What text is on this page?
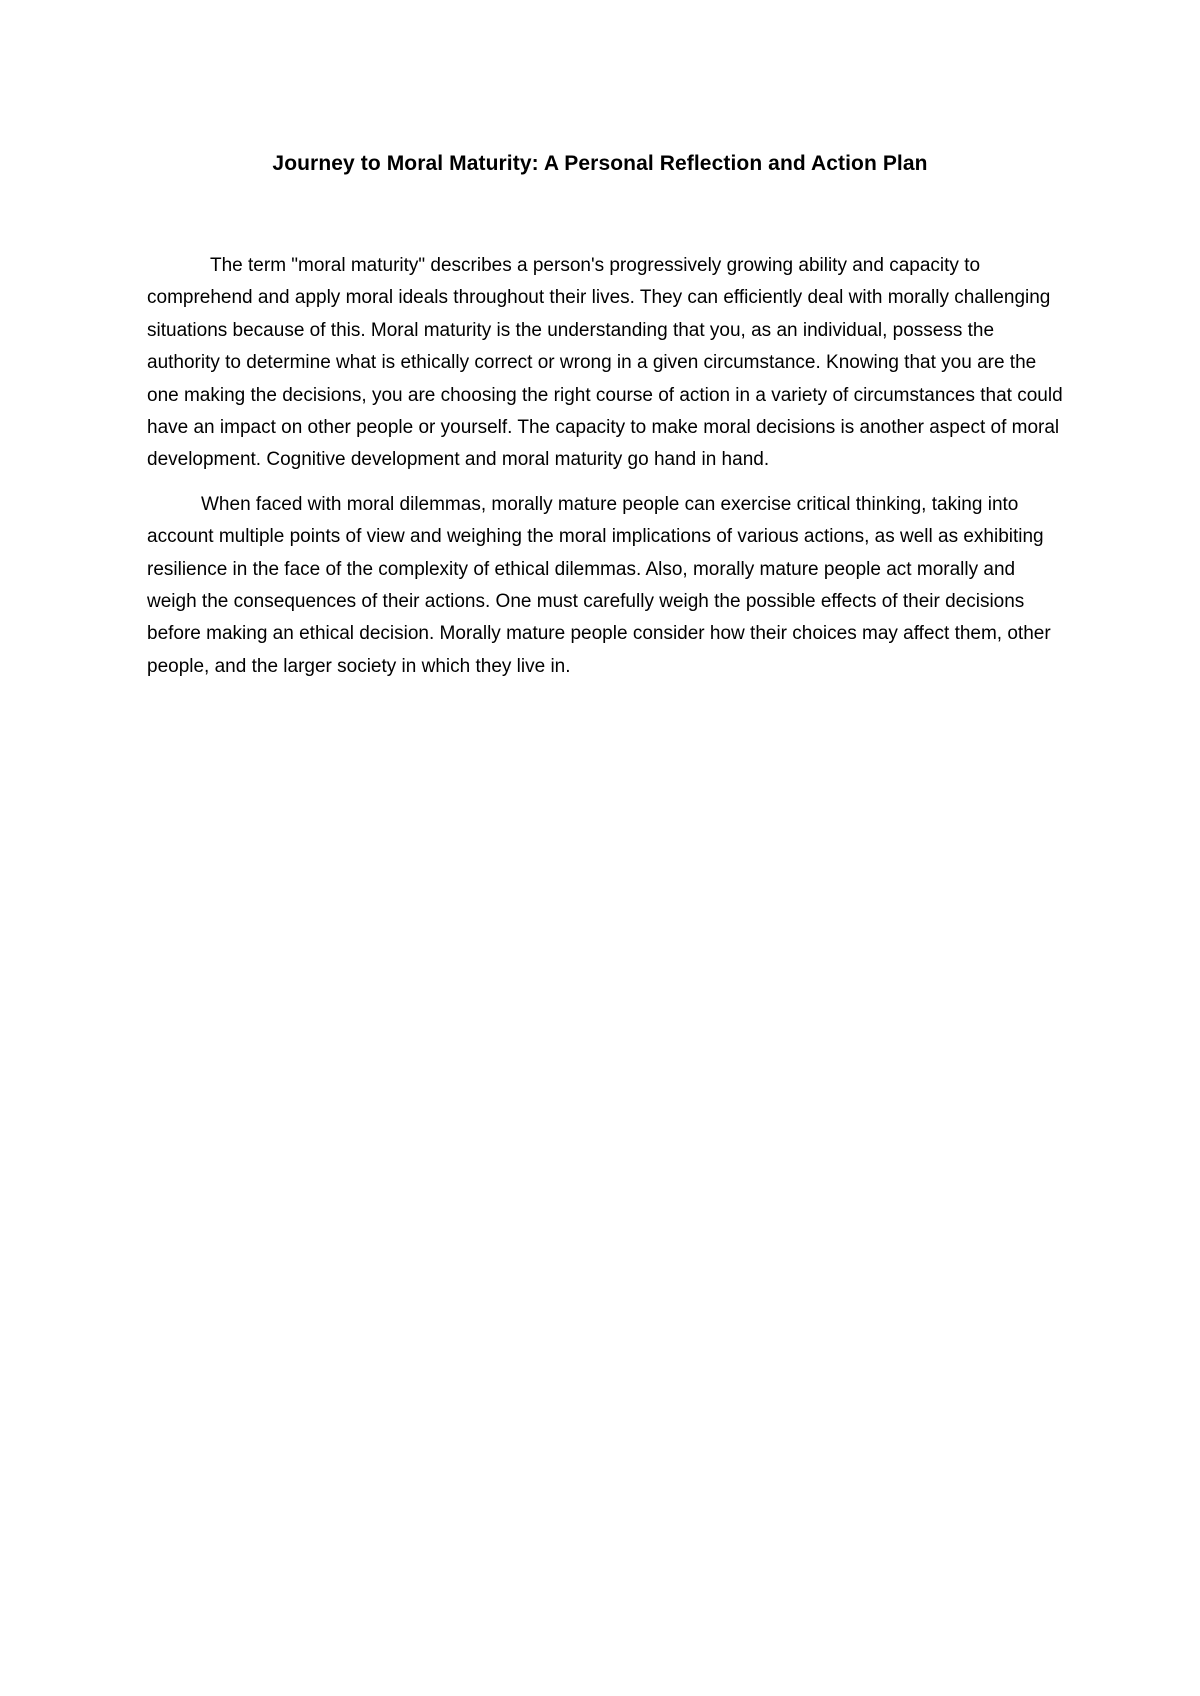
Journey to Moral Maturity: A Personal Reflection and Action Plan

The term "moral maturity" describes a person's progressively growing ability and capacity to comprehend and apply moral ideals throughout their lives. They can efficiently deal with morally challenging situations because of this. Moral maturity is the understanding that you, as an individual, possess the authority to determine what is ethically correct or wrong in a given circumstance. Knowing that you are the one making the decisions, you are choosing the right course of action in a variety of circumstances that could have an impact on other people or yourself. The capacity to make moral decisions is another aspect of moral development. Cognitive development and moral maturity go hand in hand.

When faced with moral dilemmas, morally mature people can exercise critical thinking, taking into account multiple points of view and weighing the moral implications of various actions, as well as exhibiting resilience in the face of the complexity of ethical dilemmas. Also, morally mature people act morally and weigh the consequences of their actions. One must carefully weigh the possible effects of their decisions before making an ethical decision. Morally mature people consider how their choices may affect them, other people, and the larger society in which they live in.
